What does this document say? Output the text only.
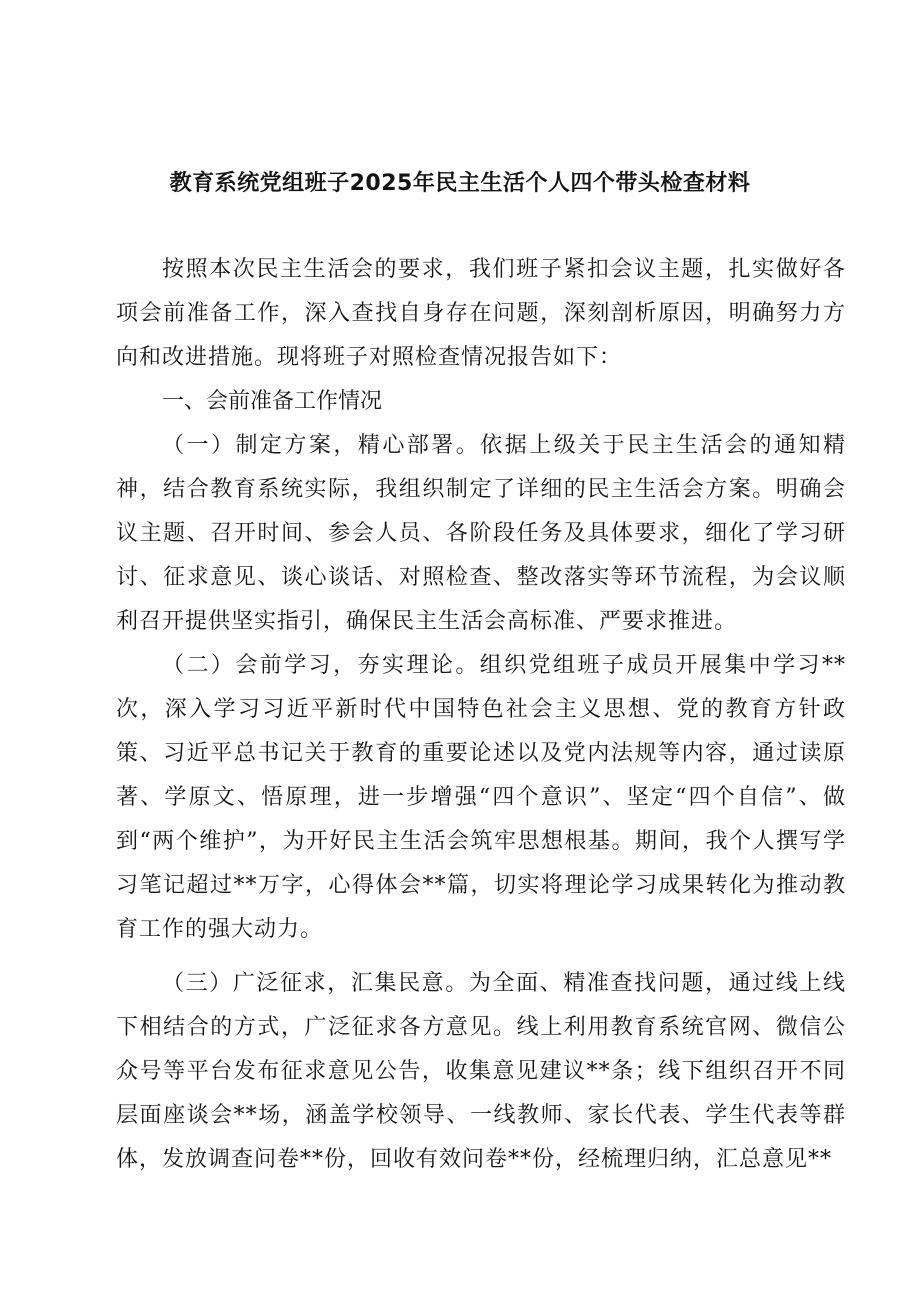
教育系统党组班子2025年民主生活个人四个带头检查材料

按照本次民主生活会的要求，我们班子紧扣会议主题，扎实做好各项会前准备工作，深入查找自身存在问题，深刻剖析原因，明确努力方向和改进措施。现将班子对照检查情况报告如下：

一、会前准备工作情况

（一）制定方案，精心部署。依据上级关于民主生活会的通知精神，结合教育系统实际，我组织制定了详细的民主生活会方案。明确会议主题、召开时间、参会人员、各阶段任务及具体要求，细化了学习研讨、征求意见、谈心谈话、对照检查、整改落实等环节流程，为会议顺利召开提供坚实指引，确保民主生活会高标准、严要求推进。

（二）会前学习，夯实理论。组织党组班子成员开展集中学习**次，深入学习习近平新时代中国特色社会主义思想、党的教育方针政策、习近平总书记关于教育的重要论述以及党内法规等内容，通过读原著、学原文、悟原理，进一步增强“四个意识”、坚定“四个自信”、做到“两个维护”，为开好民主生活会筑牢思想根基。期间，我个人撰写学习笔记超过**万字，心得体会**篇，切实将理论学习成果转化为推动教育工作的强大动力。

（三）广泛征求，汇集民意。为全面、精准查找问题，通过线上线下相结合的方式，广泛征求各方意见。线上利用教育系统官网、微信公众号等平台发布征求意见公告，收集意见建议**条；线下组织召开不同层面座谈会**场，涵盖学校领导、一线教师、家长代表、学生代表等群体，发放调查问卷**份，回收有效问卷**份，经梳理归纳，汇总意见**
